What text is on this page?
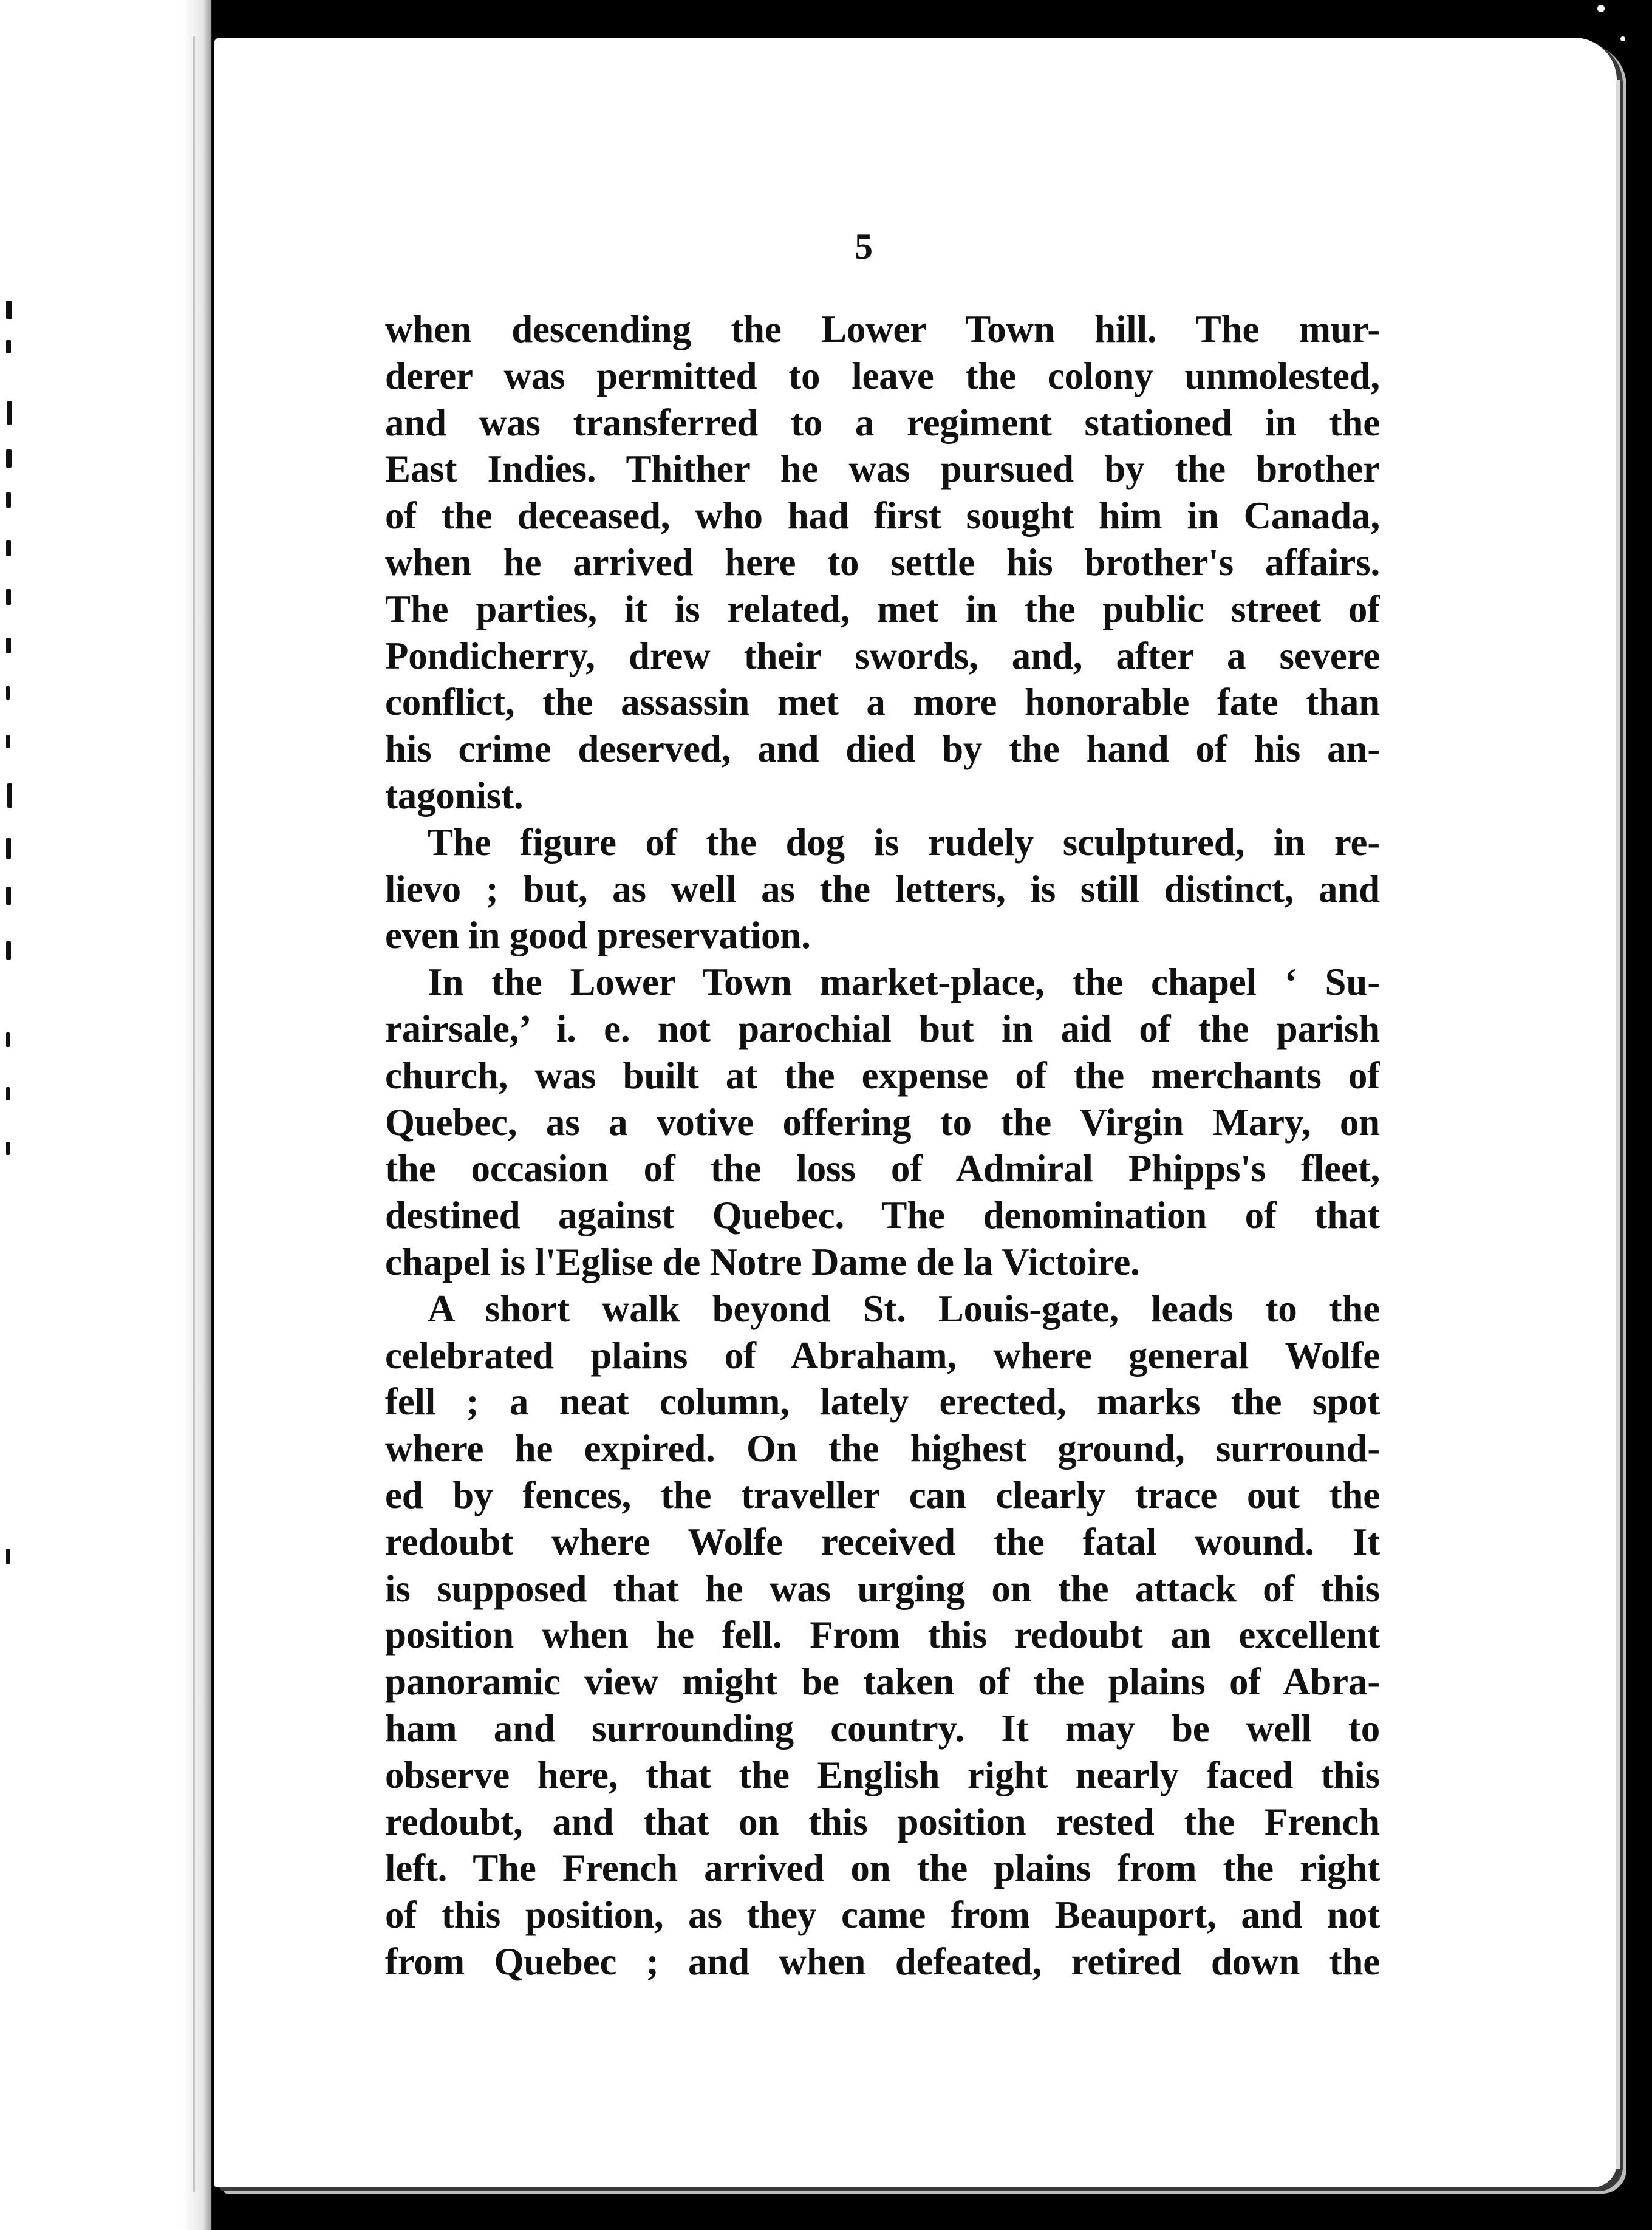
5
when descending the Lower Town hill. The mur-
derer was permitted to leave the colony unmolested,
and was transferred to a regiment stationed in the
East Indies. Thither he was pursued by the brother
of the deceased, who had first sought him in Canada,
when he arrived here to settle his brother's affairs.
The parties, it is related, met in the public street of
Pondicherry, drew their swords, and, after a severe
conflict, the assassin met a more honorable fate than
his crime deserved, and died by the hand of his an-
tagonist.
The figure of the dog is rudely sculptured, in re-
lievo ; but, as well as the letters, is still distinct, and
even in good preservation.
In the Lower Town market-place, the chapel ‘ Su-
rairsale,’ i. e. not parochial but in aid of the parish
church, was built at the expense of the merchants of
Quebec, as a votive offering to the Virgin Mary, on
the occasion of the loss of Admiral Phipps's fleet,
destined against Quebec. The denomination of that
chapel is l'Eglise de Notre Dame de la Victoire.
A short walk beyond St. Louis-gate, leads to the
celebrated plains of Abraham, where general Wolfe
fell ; a neat column, lately erected, marks the spot
where he expired. On the highest ground, surround-
ed by fences, the traveller can clearly trace out the
redoubt where Wolfe received the fatal wound. It
is supposed that he was urging on the attack of this
position when he fell. From this redoubt an excellent
panoramic view might be taken of the plains of Abra-
ham and surrounding country. It may be well to
observe here, that the English right nearly faced this
redoubt, and that on this position rested the French
left. The French arrived on the plains from the right
of this position, as they came from Beauport, and not
from Quebec ; and when defeated, retired down the
